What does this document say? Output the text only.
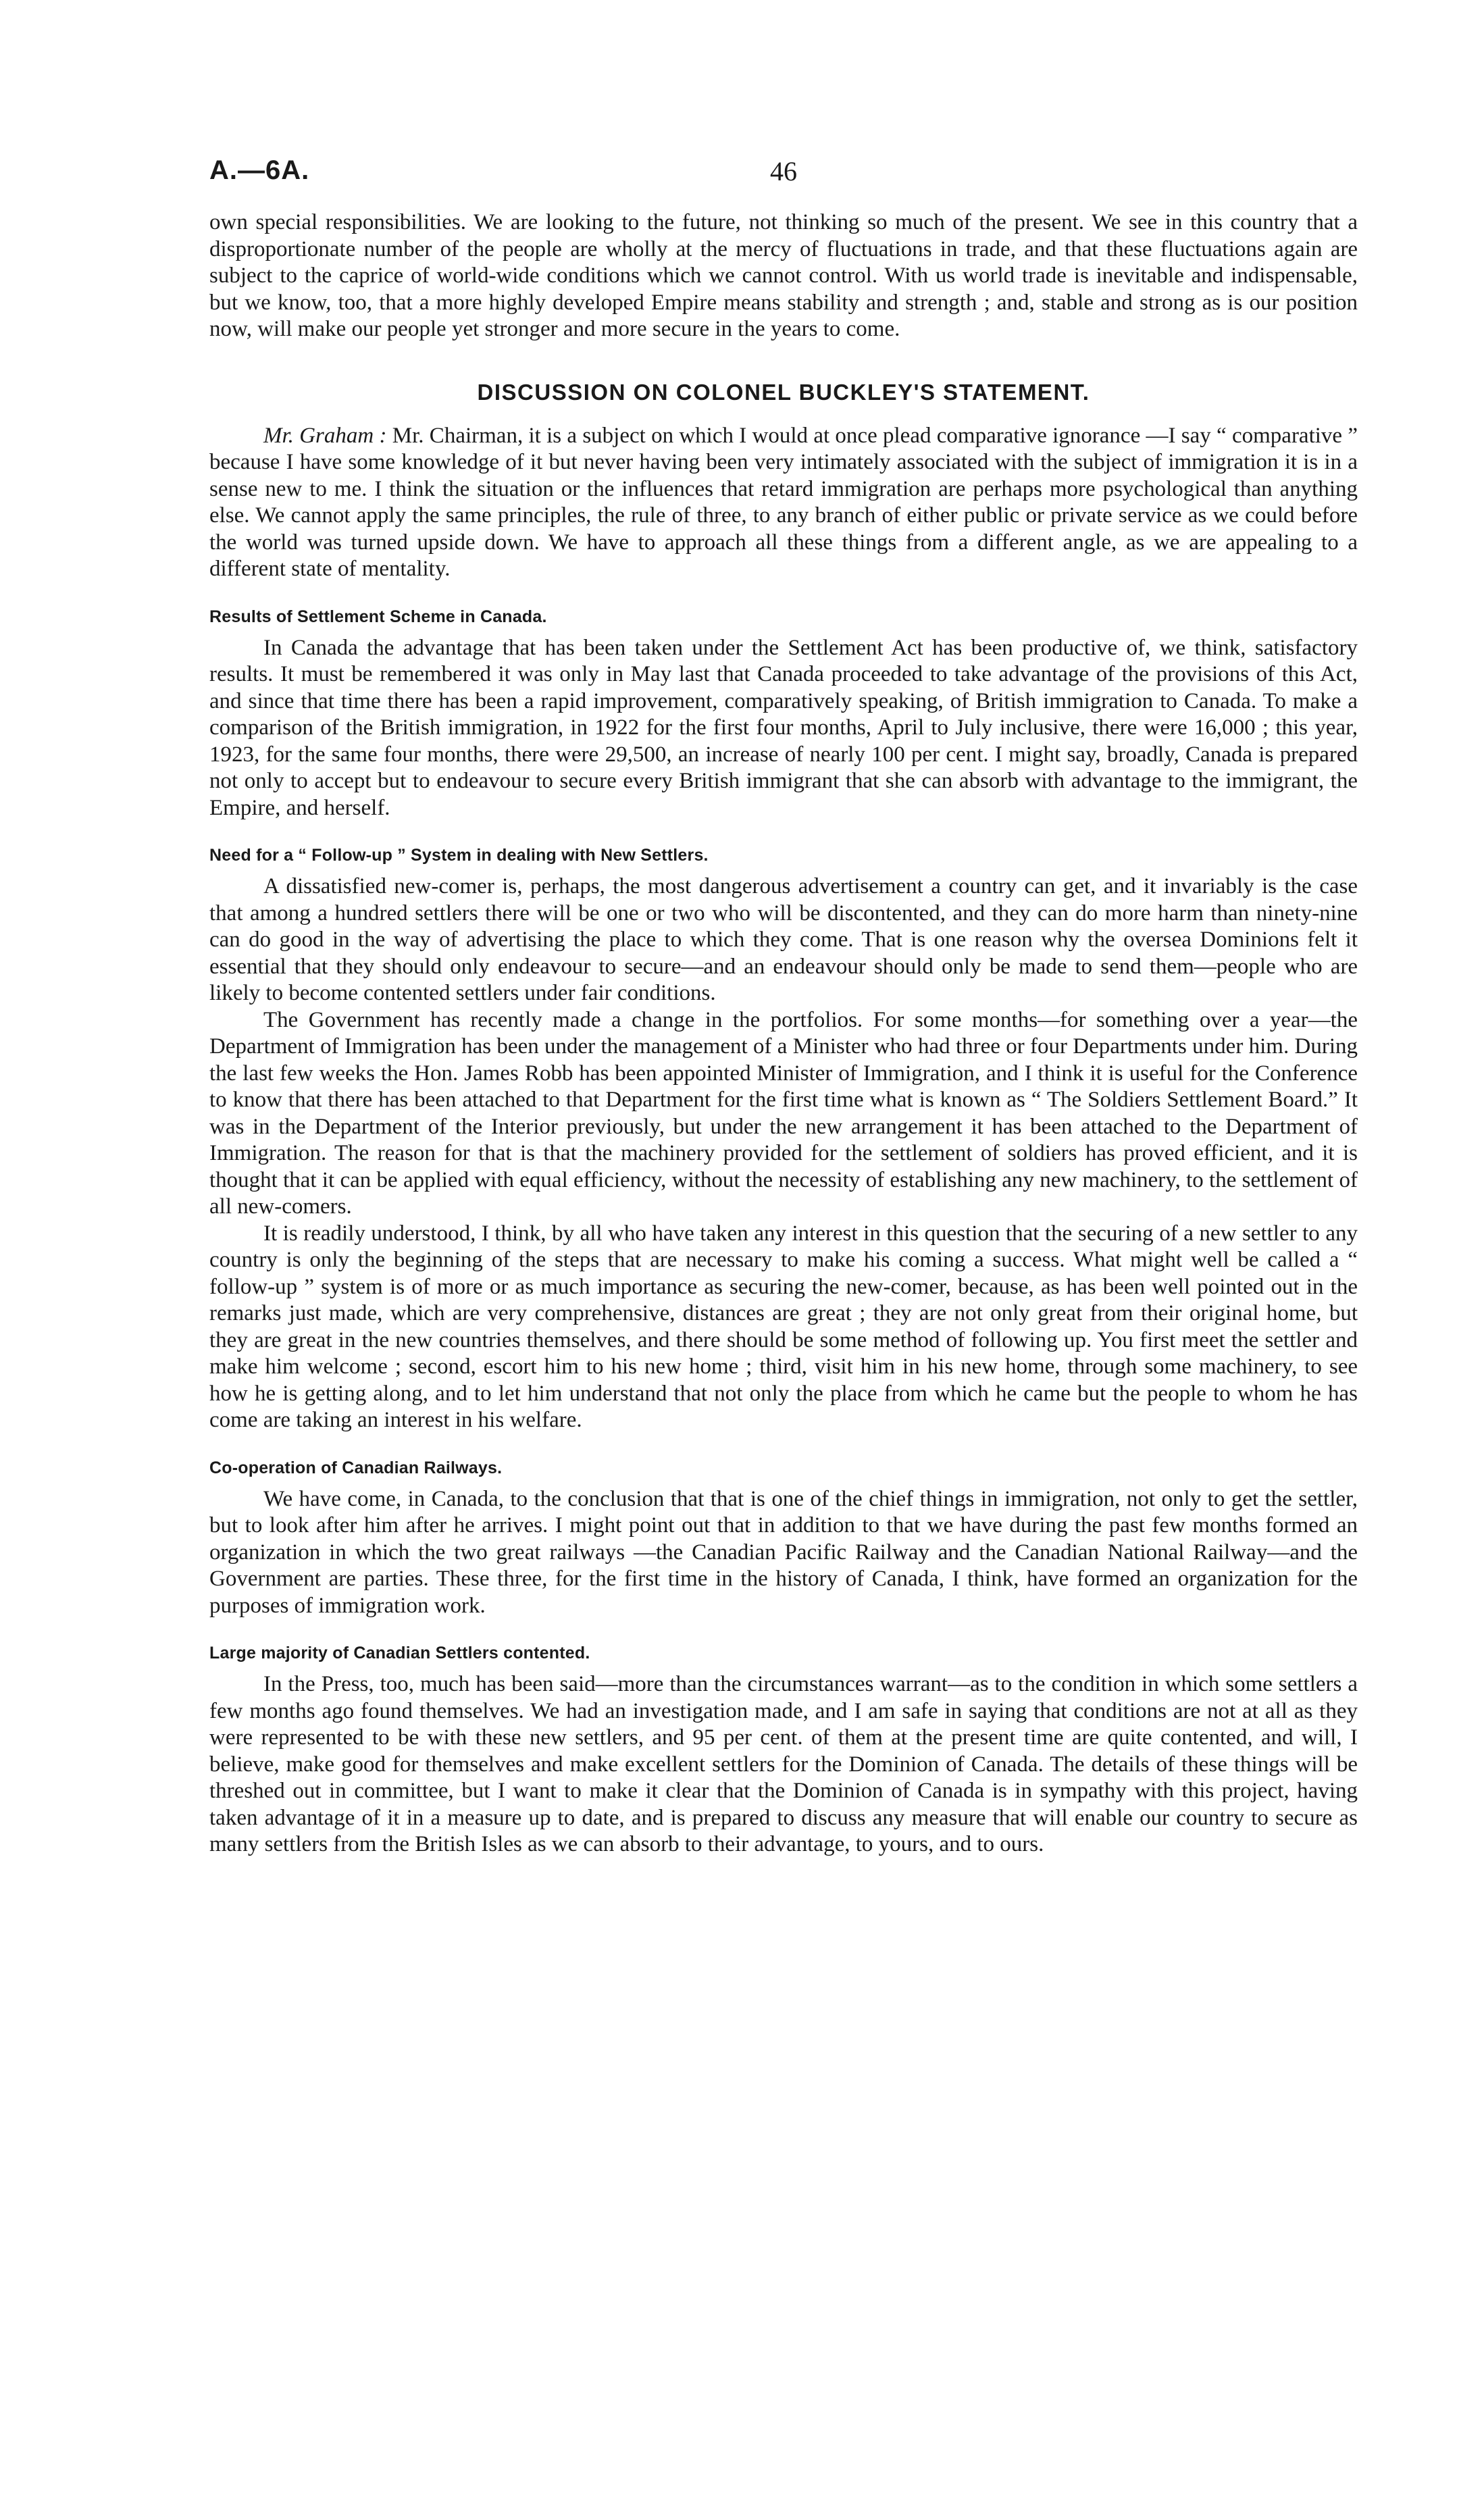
A.—6A.	46

own special responsibilities. We are looking to the future, not thinking so much of the present. We see in this country that a disproportionate number of the people are wholly at the mercy of fluctuations in trade, and that these fluctuations again are subject to the caprice of world-wide conditions which we cannot control. With us world trade is inevitable and indispensable, but we know, too, that a more highly developed Empire means stability and strength ; and, stable and strong as is our position now, will make our people yet stronger and more secure in the years to come.

DISCUSSION ON COLONEL BUCKLEY'S STATEMENT.

Mr. Graham : Mr. Chairman, it is a subject on which I would at once plead comparative ignorance —I say “ comparative ” because I have some knowledge of it but never having been very intimately associated with the subject of immigration it is in a sense new to me. I think the situation or the influences that retard immigration are perhaps more psychological than anything else. We cannot apply the same principles, the rule of three, to any branch of either public or private service as we could before the world was turned upside down. We have to approach all these things from a different angle, as we are appealing to a different state of mentality.

Results of Settlement Scheme in Canada.

In Canada the advantage that has been taken under the Settlement Act has been productive of, we think, satisfactory results. It must be remembered it was only in May last that Canada proceeded to take advantage of the provisions of this Act, and since that time there has been a rapid improvement, comparatively speaking, of British immigration to Canada. To make a comparison of the British immigration, in 1922 for the first four months, April to July inclusive, there were 16,000 ; this year, 1923, for the same four months, there were 29,500, an increase of nearly 100 per cent. I might say, broadly, Canada is prepared not only to accept but to endeavour to secure every British immigrant that she can absorb with advantage to the immigrant, the Empire, and herself.

Need for a “ Follow-up ” System in dealing with New Settlers.

A dissatisfied new-comer is, perhaps, the most dangerous advertisement a country can get, and it invariably is the case that among a hundred settlers there will be one or two who will be discontented, and they can do more harm than ninety-nine can do good in the way of advertising the place to which they come. That is one reason why the oversea Dominions felt it essential that they should only endeavour to secure—and an endeavour should only be made to send them—people who are likely to become contented settlers under fair conditions.

The Government has recently made a change in the portfolios. For some months—for something over a year—the Department of Immigration has been under the management of a Minister who had three or four Departments under him. During the last few weeks the Hon. James Robb has been appointed Minister of Immigration, and I think it is useful for the Conference to know that there has been attached to that Department for the first time what is known as “ The Soldiers Settlement Board.” It was in the Department of the Interior previously, but under the new arrangement it has been attached to the Department of Immigration. The reason for that is that the machinery provided for the settlement of soldiers has proved efficient, and it is thought that it can be applied with equal efficiency, without the necessity of establishing any new machinery, to the settlement of all new-comers.

It is readily understood, I think, by all who have taken any interest in this question that the securing of a new settler to any country is only the beginning of the steps that are necessary to make his coming a success. What might well be called a “ follow-up ” system is of more or as much importance as securing the new-comer, because, as has been well pointed out in the remarks just made, which are very comprehensive, distances are great ; they are not only great from their original home, but they are great in the new countries themselves, and there should be some method of following up. You first meet the settler and make him welcome ; second, escort him to his new home ; third, visit him in his new home, through some machinery, to see how he is getting along, and to let him understand that not only the place from which he came but the people to whom he has come are taking an interest in his welfare.

Co-operation of Canadian Railways.

We have come, in Canada, to the conclusion that that is one of the chief things in immigration, not only to get the settler, but to look after him after he arrives. I might point out that in addition to that we have during the past few months formed an organization in which the two great railways —the Canadian Pacific Railway and the Canadian National Railway—and the Government are parties. These three, for the first time in the history of Canada, I think, have formed an organization for the purposes of immigration work.

Large majority of Canadian Settlers contented.

In the Press, too, much has been said—more than the circumstances warrant—as to the condition in which some settlers a few months ago found themselves. We had an investigation made, and I am safe in saying that conditions are not at all as they were represented to be with these new settlers, and 95 per cent. of them at the present time are quite contented, and will, I believe, make good for themselves and make excellent settlers for the Dominion of Canada. The details of these things will be threshed out in committee, but I want to make it clear that the Dominion of Canada is in sympathy with this project, having taken advantage of it in a measure up to date, and is prepared to discuss any measure that will enable our country to secure as many settlers from the British Isles as we can absorb to their advantage, to yours, and to ours.
